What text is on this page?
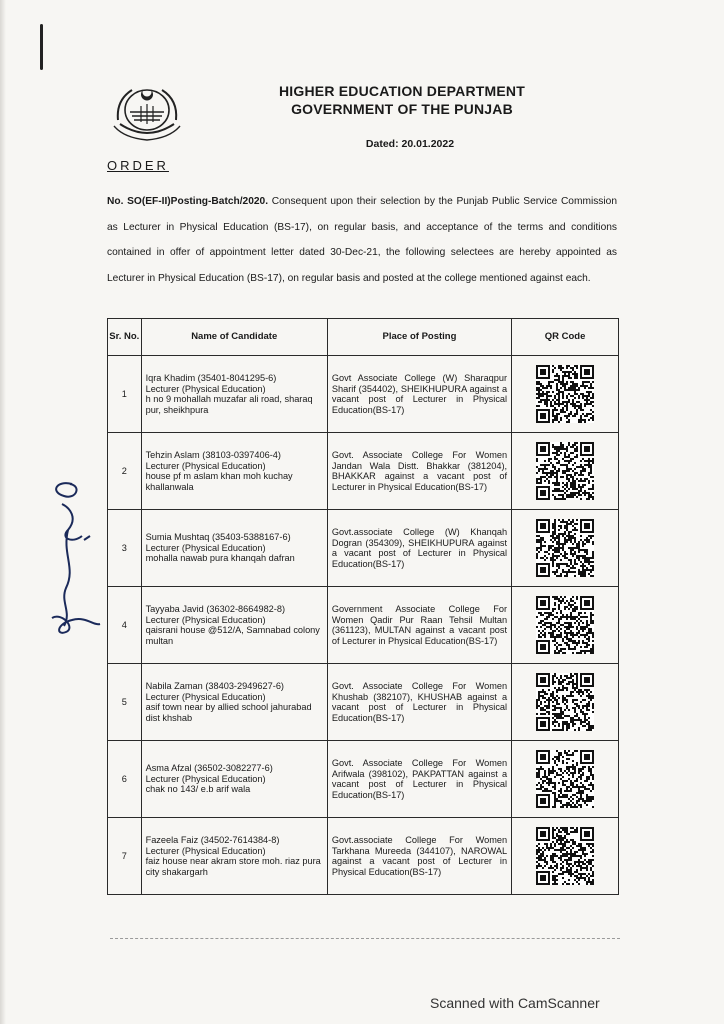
HIGHER EDUCATION DEPARTMENT
GOVERNMENT OF THE PUNJAB
Dated: 20.01.2022
ORDER
No. SO(EF-II)Posting-Batch/2020. Consequent upon their selection by the Punjab Public Service Commission as Lecturer in Physical Education (BS-17), on regular basis, and acceptance of the terms and conditions contained in offer of appointment letter dated 30-Dec-21, the following selectees are hereby appointed as Lecturer in Physical Education (BS-17), on regular basis and posted at the college mentioned against each.
Sr. No.	Name of Candidate	Place of Posting	QR Code
1	Iqra Khadim (35401-8041295-6)
Lecturer (Physical Education)
h no 9 mohallah muzafar ali road, sharaq pur, sheikhpura	Govt Associate College (W) Sharaqpur Sharif (354402), SHEIKHUPURA against a vacant post of Lecturer in Physical Education(BS-17)	
2	Tehzin Aslam (38103-0397406-4)
Lecturer (Physical Education)
house pf m aslam khan moh kuchay khallanwala	Govt. Associate College For Women Jandan Wala Distt. Bhakkar (381204), BHAKKAR against a vacant post of Lecturer in Physical Education(BS-17)	
3	Sumia Mushtaq (35403-5388167-6)
Lecturer (Physical Education)
mohalla nawab pura khanqah dafran	Govt.associate College (W) Khanqah Dogran (354309), SHEIKHUPURA against a vacant post of Lecturer in Physical Education(BS-17)	
4	Tayyaba Javid (36302-8664982-8)
Lecturer (Physical Education)
qaisrani house @512/A, Samnabad colony multan	Government Associate College For Women Qadir Pur Raan Tehsil Multan (361123), MULTAN against a vacant post of Lecturer in Physical Education(BS-17)	
5	Nabila Zaman (38403-2949627-6)
Lecturer (Physical Education)
asif town near by allied school jahurabad dist khshab	Govt. Associate College For Women Khushab (382107), KHUSHAB against a vacant post of Lecturer in Physical Education(BS-17)	
6	Asma Afzal (36502-3082277-6)
Lecturer (Physical Education)
chak no 143/ e.b arif wala	Govt. Associate College For Women Arifwala (398102), PAKPATTAN against a vacant post of Lecturer in Physical Education(BS-17)	
7	Fazeela Faiz (34502-7614384-8)
Lecturer (Physical Education)
faiz house near akram store moh. riaz pura city shakargarh	Govt.associate College For Women Tarkhana Mureeda (344107), NAROWAL against a vacant post of Lecturer in Physical Education(BS-17)	
Scanned with CamScanner
